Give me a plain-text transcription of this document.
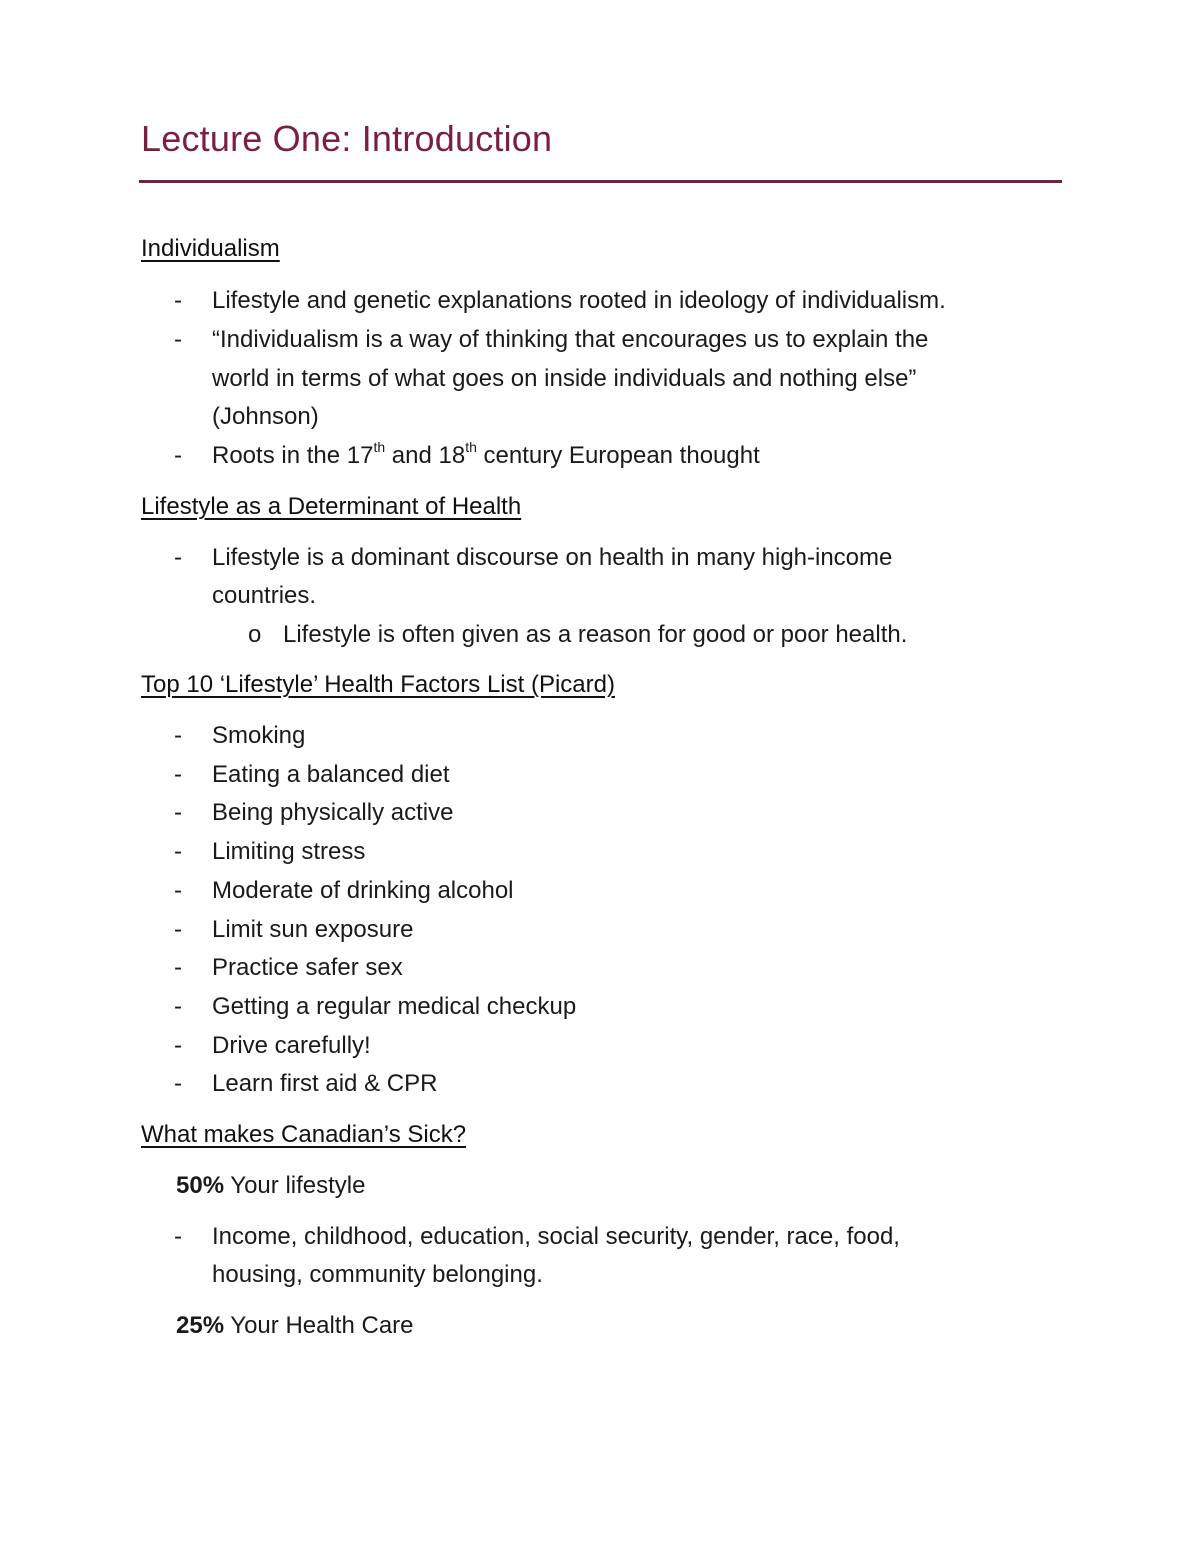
Lecture One: Introduction
Individualism
- Lifestyle and genetic explanations rooted in ideology of individualism.
- “Individualism is a way of thinking that encourages us to explain the
world in terms of what goes on inside individuals and nothing else”
(Johnson)
- Roots in the 17th and 18th century European thought
Lifestyle as a Determinant of Health
- Lifestyle is a dominant discourse on health in many high-income
countries.
o Lifestyle is often given as a reason for good or poor health.
Top 10 ‘Lifestyle’ Health Factors List (Picard)
- Smoking
- Eating a balanced diet
- Being physically active
- Limiting stress
- Moderate of drinking alcohol
- Limit sun exposure
- Practice safer sex
- Getting a regular medical checkup
- Drive carefully!
- Learn first aid & CPR
What makes Canadian’s Sick?
50% Your lifestyle
- Income, childhood, education, social security, gender, race, food,
housing, community belonging.
25% Your Health Care
